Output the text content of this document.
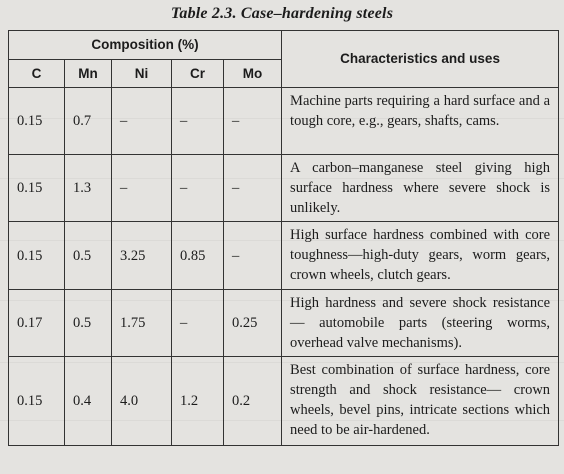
Table 2.3. Case–hardening steels
Composition (%)					Characteristics and uses
C	Mn	Ni	Cr	Mo	
0.15	0.7	–	–	–	Machine parts requiring a hard surface and a tough core, e.g., gears, shafts, cams.
0.15	1.3	–	–	–	A carbon–manganese steel giving high surface hardness where severe shock is unlikely.
0.15	0.5	3.25	0.85	–	High surface hardness combined with core toughness—high-duty gears, worm gears, crown wheels, clutch gears.
0.17	0.5	1.75	–	0.25	High hardness and severe shock resistance — automobile parts (steering worms, overhead valve mechanisms).
0.15	0.4	4.0	1.2	0.2	Best combination of surface hardness, core strength and shock resistance— crown wheels, bevel pins, intricate sections which need to be air-hardened.
